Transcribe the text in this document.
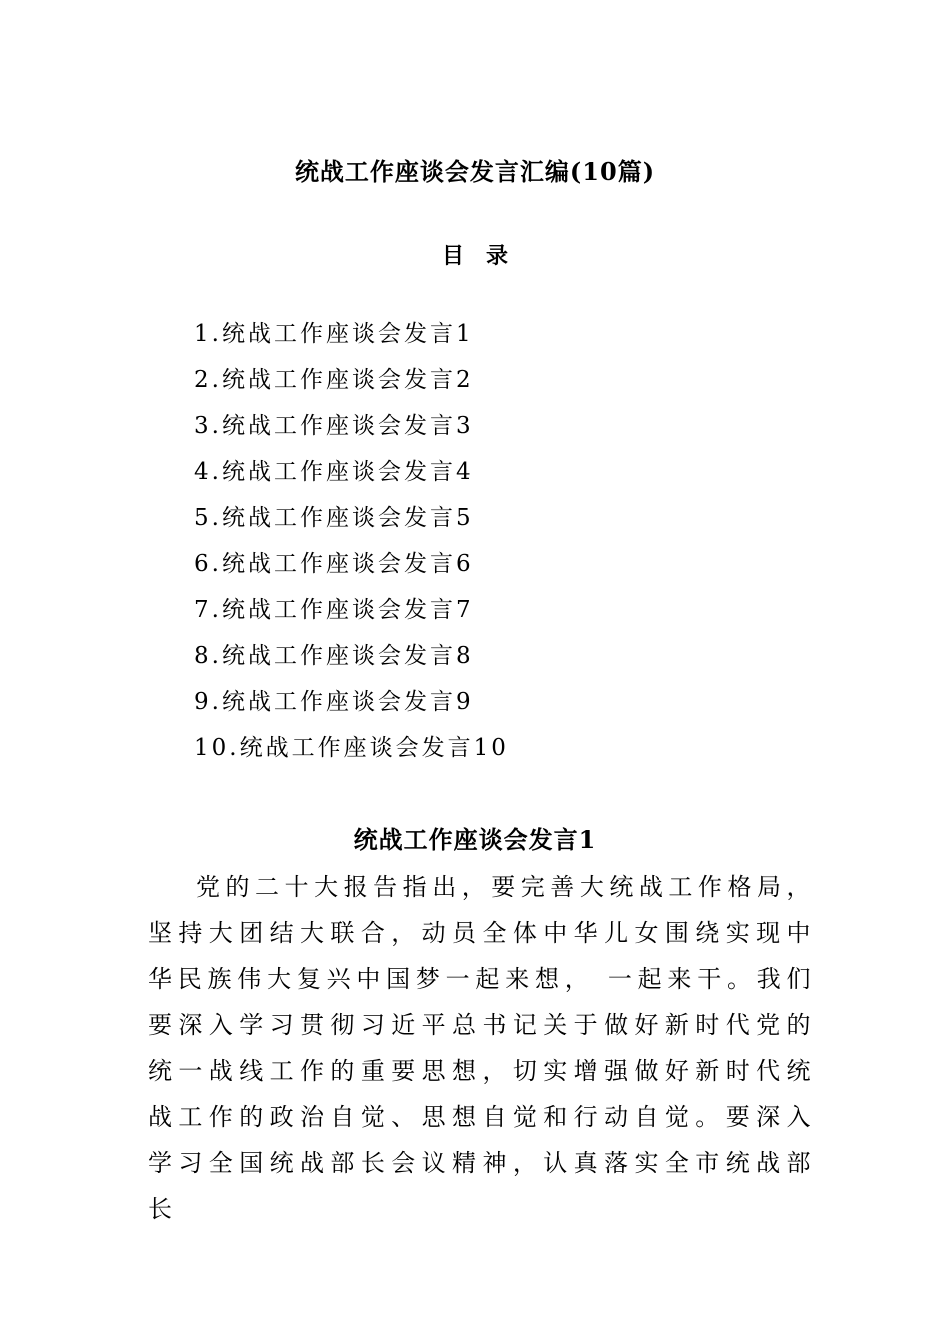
统战工作座谈会发言汇编(10篇)
目 录
1.统战工作座谈会发言1
2.统战工作座谈会发言2
3.统战工作座谈会发言3
4.统战工作座谈会发言4
5.统战工作座谈会发言5
6.统战工作座谈会发言6
7.统战工作座谈会发言7
8.统战工作座谈会发言8
9.统战工作座谈会发言9
10.统战工作座谈会发言10
统战工作座谈会发言1

党的二十大报告指出，要完善大统战工作格局，坚持大团结大联合，动员全体中华儿女围绕实现中华民族伟大复兴中国梦一起来想， 一起来干。我们要深入学习贯彻习近平总书记关于做好新时代党的统一战线工作的重要思想，切实增强做好新时代统战工作的政治自觉、思想自觉和行动自觉。要深入学习全国统战部长会议精神，认真落实全市统战部长
